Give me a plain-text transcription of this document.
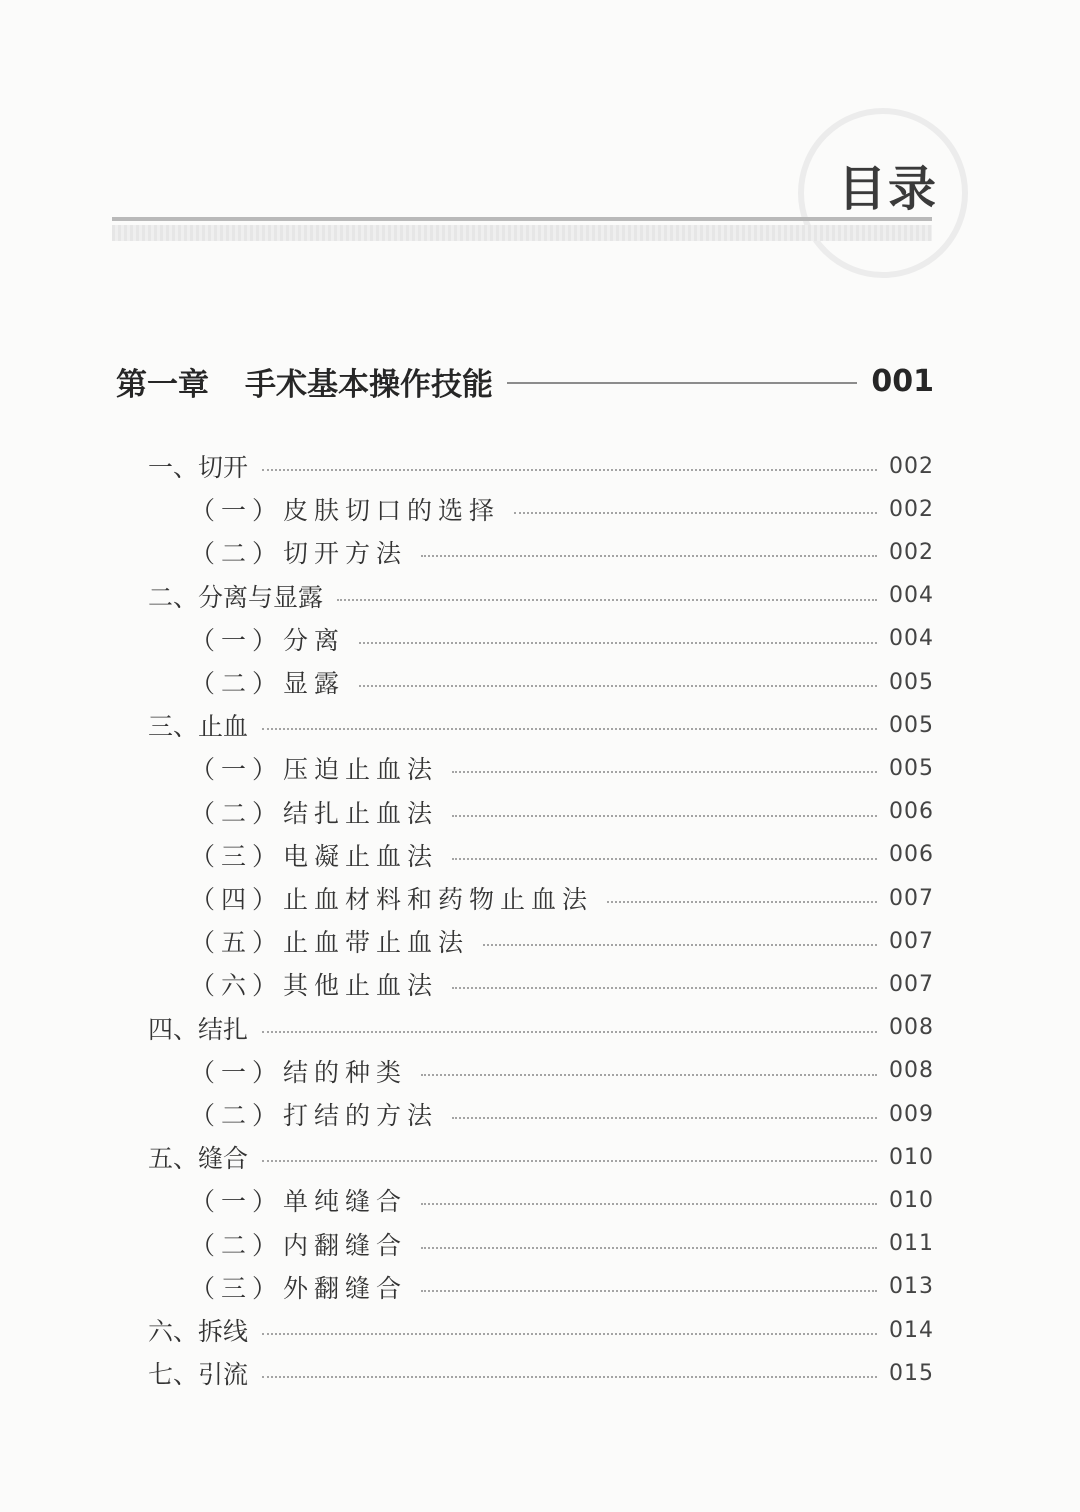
目录
第一章 手术基本操作技能	001
一、切开	002
（一）皮肤切口的选择	002
（二）切开方法	002
二、分离与显露	004
（一）分离	004
（二）显露	005
三、止血	005
（一）压迫止血法	005
（二）结扎止血法	006
（三）电凝止血法	006
（四）止血材料和药物止血法	007
（五）止血带止血法	007
（六）其他止血法	007
四、结扎	008
（一）结的种类	008
（二）打结的方法	009
五、缝合	010
（一）单纯缝合	010
（二）内翻缝合	011
（三）外翻缝合	013
六、拆线	014
七、引流	015
